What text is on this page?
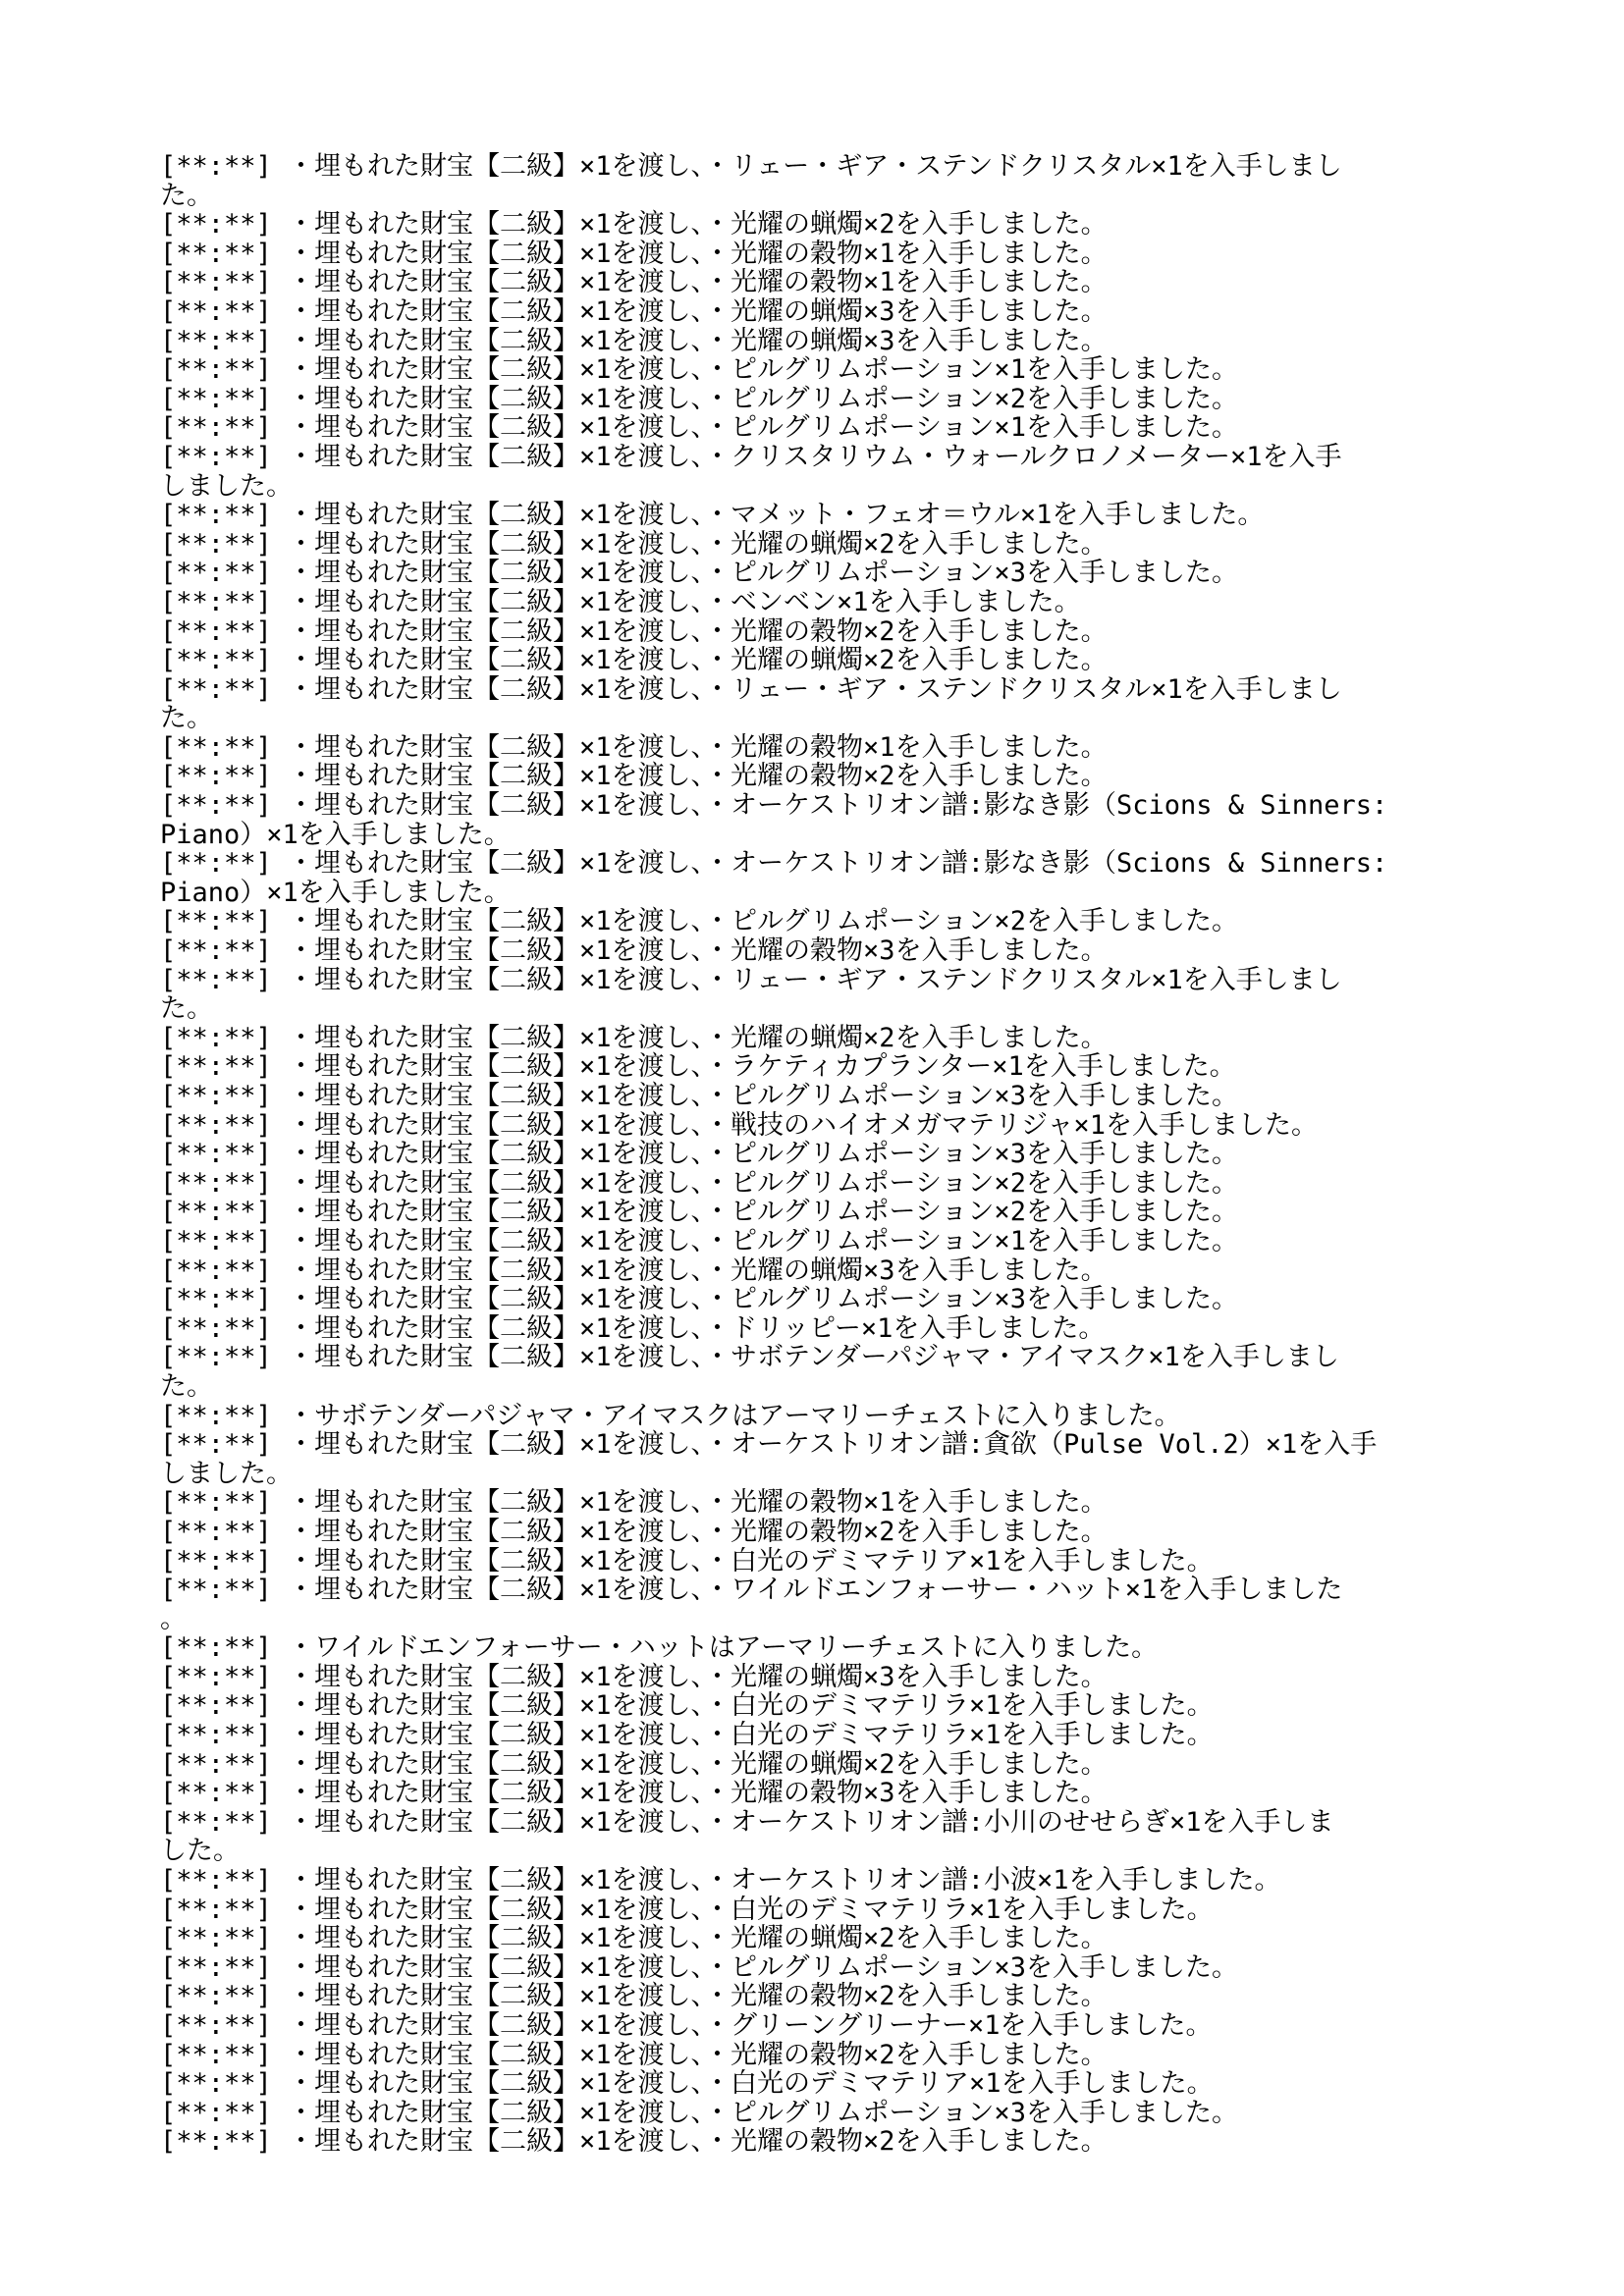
[**:**] ・埋もれた財宝【二級】×1を渡し、・リェー・ギア・ステンドクリスタル×1を入手しまし
た。
[**:**] ・埋もれた財宝【二級】×1を渡し、・光耀の蝋燭×2を入手しました。
[**:**] ・埋もれた財宝【二級】×1を渡し、・光耀の穀物×1を入手しました。
[**:**] ・埋もれた財宝【二級】×1を渡し、・光耀の穀物×1を入手しました。
[**:**] ・埋もれた財宝【二級】×1を渡し、・光耀の蝋燭×3を入手しました。
[**:**] ・埋もれた財宝【二級】×1を渡し、・光耀の蝋燭×3を入手しました。
[**:**] ・埋もれた財宝【二級】×1を渡し、・ピルグリムポーション×1を入手しました。
[**:**] ・埋もれた財宝【二級】×1を渡し、・ピルグリムポーション×2を入手しました。
[**:**] ・埋もれた財宝【二級】×1を渡し、・ピルグリムポーション×1を入手しました。
[**:**] ・埋もれた財宝【二級】×1を渡し、・クリスタリウム・ウォールクロノメーター×1を入手
しました。
[**:**] ・埋もれた財宝【二級】×1を渡し、・マメット・フェオ＝ウル×1を入手しました。
[**:**] ・埋もれた財宝【二級】×1を渡し、・光耀の蝋燭×2を入手しました。
[**:**] ・埋もれた財宝【二級】×1を渡し、・ピルグリムポーション×3を入手しました。
[**:**] ・埋もれた財宝【二級】×1を渡し、・ベンベン×1を入手しました。
[**:**] ・埋もれた財宝【二級】×1を渡し、・光耀の穀物×2を入手しました。
[**:**] ・埋もれた財宝【二級】×1を渡し、・光耀の蝋燭×2を入手しました。
[**:**] ・埋もれた財宝【二級】×1を渡し、・リェー・ギア・ステンドクリスタル×1を入手しまし
た。
[**:**] ・埋もれた財宝【二級】×1を渡し、・光耀の穀物×1を入手しました。
[**:**] ・埋もれた財宝【二級】×1を渡し、・光耀の穀物×2を入手しました。
[**:**] ・埋もれた財宝【二級】×1を渡し、・オーケストリオン譜:影なき影（Scions & Sinners:
Piano）×1を入手しました。
[**:**] ・埋もれた財宝【二級】×1を渡し、・オーケストリオン譜:影なき影（Scions & Sinners:
Piano）×1を入手しました。
[**:**] ・埋もれた財宝【二級】×1を渡し、・ピルグリムポーション×2を入手しました。
[**:**] ・埋もれた財宝【二級】×1を渡し、・光耀の穀物×3を入手しました。
[**:**] ・埋もれた財宝【二級】×1を渡し、・リェー・ギア・ステンドクリスタル×1を入手しまし
た。
[**:**] ・埋もれた財宝【二級】×1を渡し、・光耀の蝋燭×2を入手しました。
[**:**] ・埋もれた財宝【二級】×1を渡し、・ラケティカプランター×1を入手しました。
[**:**] ・埋もれた財宝【二級】×1を渡し、・ピルグリムポーション×3を入手しました。
[**:**] ・埋もれた財宝【二級】×1を渡し、・戦技のハイオメガマテリジャ×1を入手しました。
[**:**] ・埋もれた財宝【二級】×1を渡し、・ピルグリムポーション×3を入手しました。
[**:**] ・埋もれた財宝【二級】×1を渡し、・ピルグリムポーション×2を入手しました。
[**:**] ・埋もれた財宝【二級】×1を渡し、・ピルグリムポーション×2を入手しました。
[**:**] ・埋もれた財宝【二級】×1を渡し、・ピルグリムポーション×1を入手しました。
[**:**] ・埋もれた財宝【二級】×1を渡し、・光耀の蝋燭×3を入手しました。
[**:**] ・埋もれた財宝【二級】×1を渡し、・ピルグリムポーション×3を入手しました。
[**:**] ・埋もれた財宝【二級】×1を渡し、・ドリッピー×1を入手しました。
[**:**] ・埋もれた財宝【二級】×1を渡し、・サボテンダーパジャマ・アイマスク×1を入手しまし
た。
[**:**] ・サボテンダーパジャマ・アイマスクはアーマリーチェストに入りました。
[**:**] ・埋もれた財宝【二級】×1を渡し、・オーケストリオン譜:貪欲（Pulse Vol.2）×1を入手
しました。
[**:**] ・埋もれた財宝【二級】×1を渡し、・光耀の穀物×1を入手しました。
[**:**] ・埋もれた財宝【二級】×1を渡し、・光耀の穀物×2を入手しました。
[**:**] ・埋もれた財宝【二級】×1を渡し、・白光のデミマテリア×1を入手しました。
[**:**] ・埋もれた財宝【二級】×1を渡し、・ワイルドエンフォーサー・ハット×1を入手しました
。
[**:**] ・ワイルドエンフォーサー・ハットはアーマリーチェストに入りました。
[**:**] ・埋もれた財宝【二級】×1を渡し、・光耀の蝋燭×3を入手しました。
[**:**] ・埋もれた財宝【二級】×1を渡し、・白光のデミマテリラ×1を入手しました。
[**:**] ・埋もれた財宝【二級】×1を渡し、・白光のデミマテリラ×1を入手しました。
[**:**] ・埋もれた財宝【二級】×1を渡し、・光耀の蝋燭×2を入手しました。
[**:**] ・埋もれた財宝【二級】×1を渡し、・光耀の穀物×3を入手しました。
[**:**] ・埋もれた財宝【二級】×1を渡し、・オーケストリオン譜:小川のせせらぎ×1を入手しま
した。
[**:**] ・埋もれた財宝【二級】×1を渡し、・オーケストリオン譜:小波×1を入手しました。
[**:**] ・埋もれた財宝【二級】×1を渡し、・白光のデミマテリラ×1を入手しました。
[**:**] ・埋もれた財宝【二級】×1を渡し、・光耀の蝋燭×2を入手しました。
[**:**] ・埋もれた財宝【二級】×1を渡し、・ピルグリムポーション×3を入手しました。
[**:**] ・埋もれた財宝【二級】×1を渡し、・光耀の穀物×2を入手しました。
[**:**] ・埋もれた財宝【二級】×1を渡し、・グリーングリーナー×1を入手しました。
[**:**] ・埋もれた財宝【二級】×1を渡し、・光耀の穀物×2を入手しました。
[**:**] ・埋もれた財宝【二級】×1を渡し、・白光のデミマテリア×1を入手しました。
[**:**] ・埋もれた財宝【二級】×1を渡し、・ピルグリムポーション×3を入手しました。
[**:**] ・埋もれた財宝【二級】×1を渡し、・光耀の穀物×2を入手しました。
